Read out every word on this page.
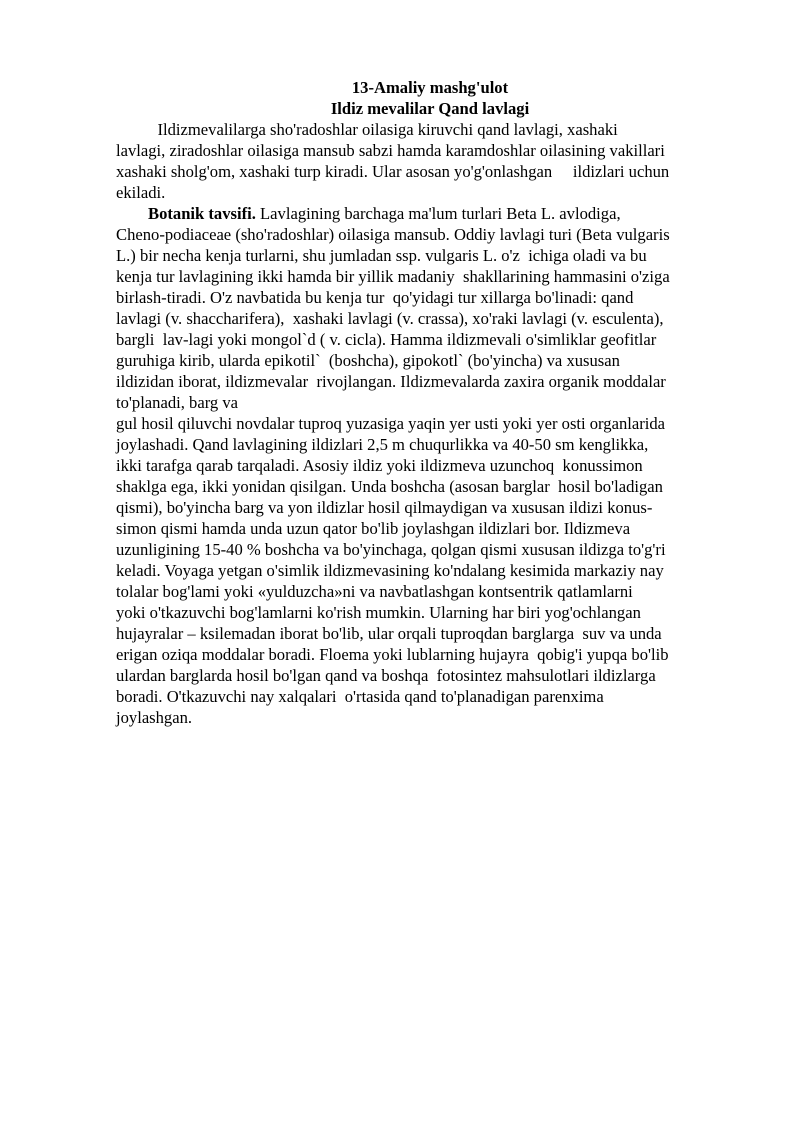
13-Amaliy mashg'ulot
Ildiz mevalilar Qand lavlagi
Ildizmevalilarga sho'radoshlar oilasiga kiruvchi qand lavlagi, xashaki
lavlagi, ziradoshlar oilasiga mansub sabzi hamda karamdoshlar oilasining vakillari
xashaki sholg'om, xashaki turp kiradi. Ular asosan yo'g'onlashgan     ildizlari uchun
ekiladi.
Botanik tavsifi. Lavlagining barchaga ma'lum turlari Beta L. avlodiga,
Cheno-podiaceae (sho'radoshlar) oilasiga mansub. Oddiy lavlagi turi (Beta vulgaris
L.) bir necha kenja turlarni, shu jumladan ssp. vulgaris L. o'z  ichiga oladi va bu
kenja tur lavlagining ikki hamda bir yillik madaniy  shakllarining hammasini o'ziga
birlash-tiradi. O'z navbatida bu kenja tur  qo'yidagi tur xillarga bo'linadi: qand
lavlagi (v. shaccharifera),  xashaki lavlagi (v. crassa), xo'raki lavlagi (v. esculenta),
bargli  lav-lagi yoki mongol`d ( v. cicla). Hamma ildizmevali o'simliklar geofitlar
guruhiga kirib, ularda epikotil`  (boshcha), gipokotl` (bo'yincha) va xususan
ildizidan iborat, ildizmevalar  rivojlangan. Ildizmevalarda zaxira organik moddalar
to'planadi, barg va
gul hosil qiluvchi novdalar tuproq yuzasiga yaqin yer usti yoki yer osti organlarida
joylashadi. Qand lavlagining ildizlari 2,5 m chuqurlikka va 40-50 sm kenglikka,
ikki tarafga qarab tarqaladi. Asosiy ildiz yoki ildizmeva uzunchoq  konussimon
shaklga ega, ikki yonidan qisilgan. Unda boshcha (asosan barglar  hosil bo'ladigan
qismi), bo'yincha barg va yon ildizlar hosil qilmaydigan va xususan ildizi konus-
simon qismi hamda unda uzun qator bo'lib joylashgan ildizlari bor. Ildizmeva
uzunligining 15-40 % boshcha va bo'yinchaga, qolgan qismi xususan ildizga to'g'ri
keladi. Voyaga yetgan o'simlik ildizmevasining ko'ndalang kesimida markaziy nay
tolalar bog'lami yoki «yulduzcha»ni va navbatlashgan kontsentrik qatlamlarni
yoki o'tkazuvchi bog'lamlarni ko'rish mumkin. Ularning har biri yog'ochlangan
hujayralar – ksilemadan iborat bo'lib, ular orqali tuproqdan barglarga  suv va unda
erigan oziqa moddalar boradi. Floema yoki lublarning hujayra  qobig'i yupqa bo'lib
ulardan barglarda hosil bo'lgan qand va boshqa  fotosintez mahsulotlari ildizlarga
boradi. O'tkazuvchi nay xalqalari  o'rtasida qand to'planadigan parenxima
joylashgan.
